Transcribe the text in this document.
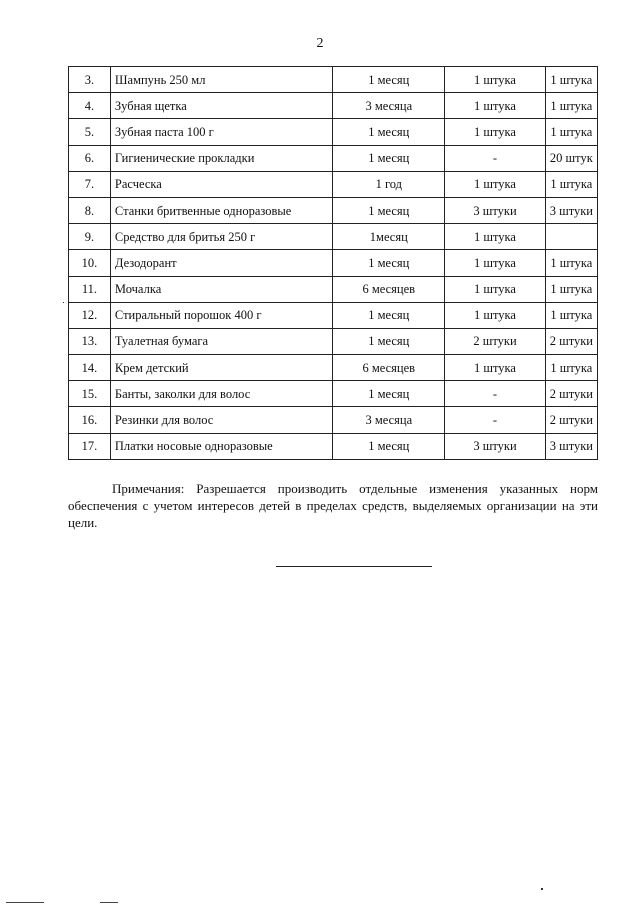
2
3.	Шампунь 250 мл	1 месяц	1 штука	1 штука
4.	Зубная щетка	3 месяца	1 штука	1 штука
5.	Зубная паста 100 г	1 месяц	1 штука	1 штука
6.	Гигиенические прокладки	1 месяц	-	20 штук
7.	Расческа	1 год	1 штука	1 штука
8.	Станки бритвенные одноразовые	1 месяц	3 штуки	3 штуки
9.	Средство для бритья 250 г	1месяц	1 штука	
10.	Дезодорант	1 месяц	1 штука	1 штука
11.	Мочалка	6 месяцев	1 штука	1 штука
12.	Стиральный порошок 400 г	1 месяц	1 штука	1 штука
13.	Туалетная бумага	1 месяц	2 штуки	2 штуки
14.	Крем детский	6 месяцев	1 штука	1 штука
15.	Банты, заколки для волос	1 месяц	-	2 штуки
16.	Резинки для волос	3 месяца	-	2 штуки
17.	Платки носовые одноразовые	1 месяц	3 штуки	3 штуки

Примечания: Разрешается производить отдельные изменения указанных норм обеспечения с учетом интересов детей в пределах средств, выделяемых организации на эти цели.
